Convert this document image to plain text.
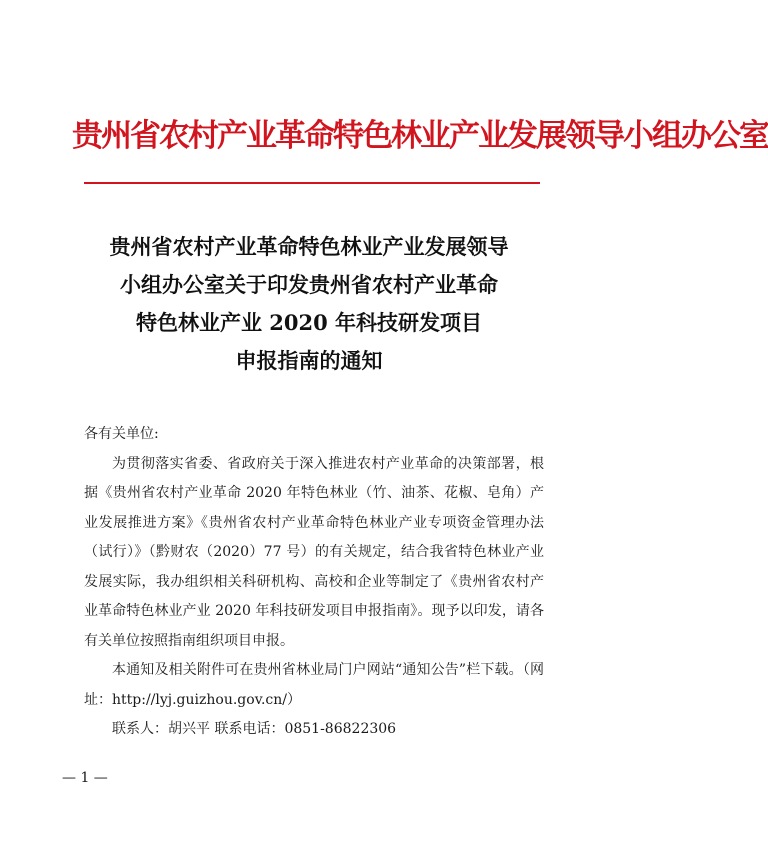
贵州省农村产业革命特色林业产业发展领导小组办公室
贵州省农村产业革命特色林业产业发展领导
小组办公室关于印发贵州省农村产业革命
特色林业产业 2020 年科技研发项目
申报指南的通知
各有关单位:

为贯彻落实省委、省政府关于深入推进农村产业革命的决策部署，根据《贵州省农村产业革命 2020 年特色林业（竹、油茶、花椒、皂角）产业发展推进方案》《贵州省农村产业革命特色林业产业专项资金管理办法（试行）》（黔财农（2020）77 号）的有关规定，结合我省特色林业产业发展实际，我办组织相关科研机构、高校和企业等制定了《贵州省农村产业革命特色林业产业 2020 年科技研发项目申报指南》。现予以印发，请各有关单位按照指南组织项目申报。

本通知及相关附件可在贵州省林业局门户网站“通知公告”栏下载。（网址：http://lyj.guizhou.gov.cn/）

联系人：胡兴平 联系电话：0851-86822306
— 1 —
